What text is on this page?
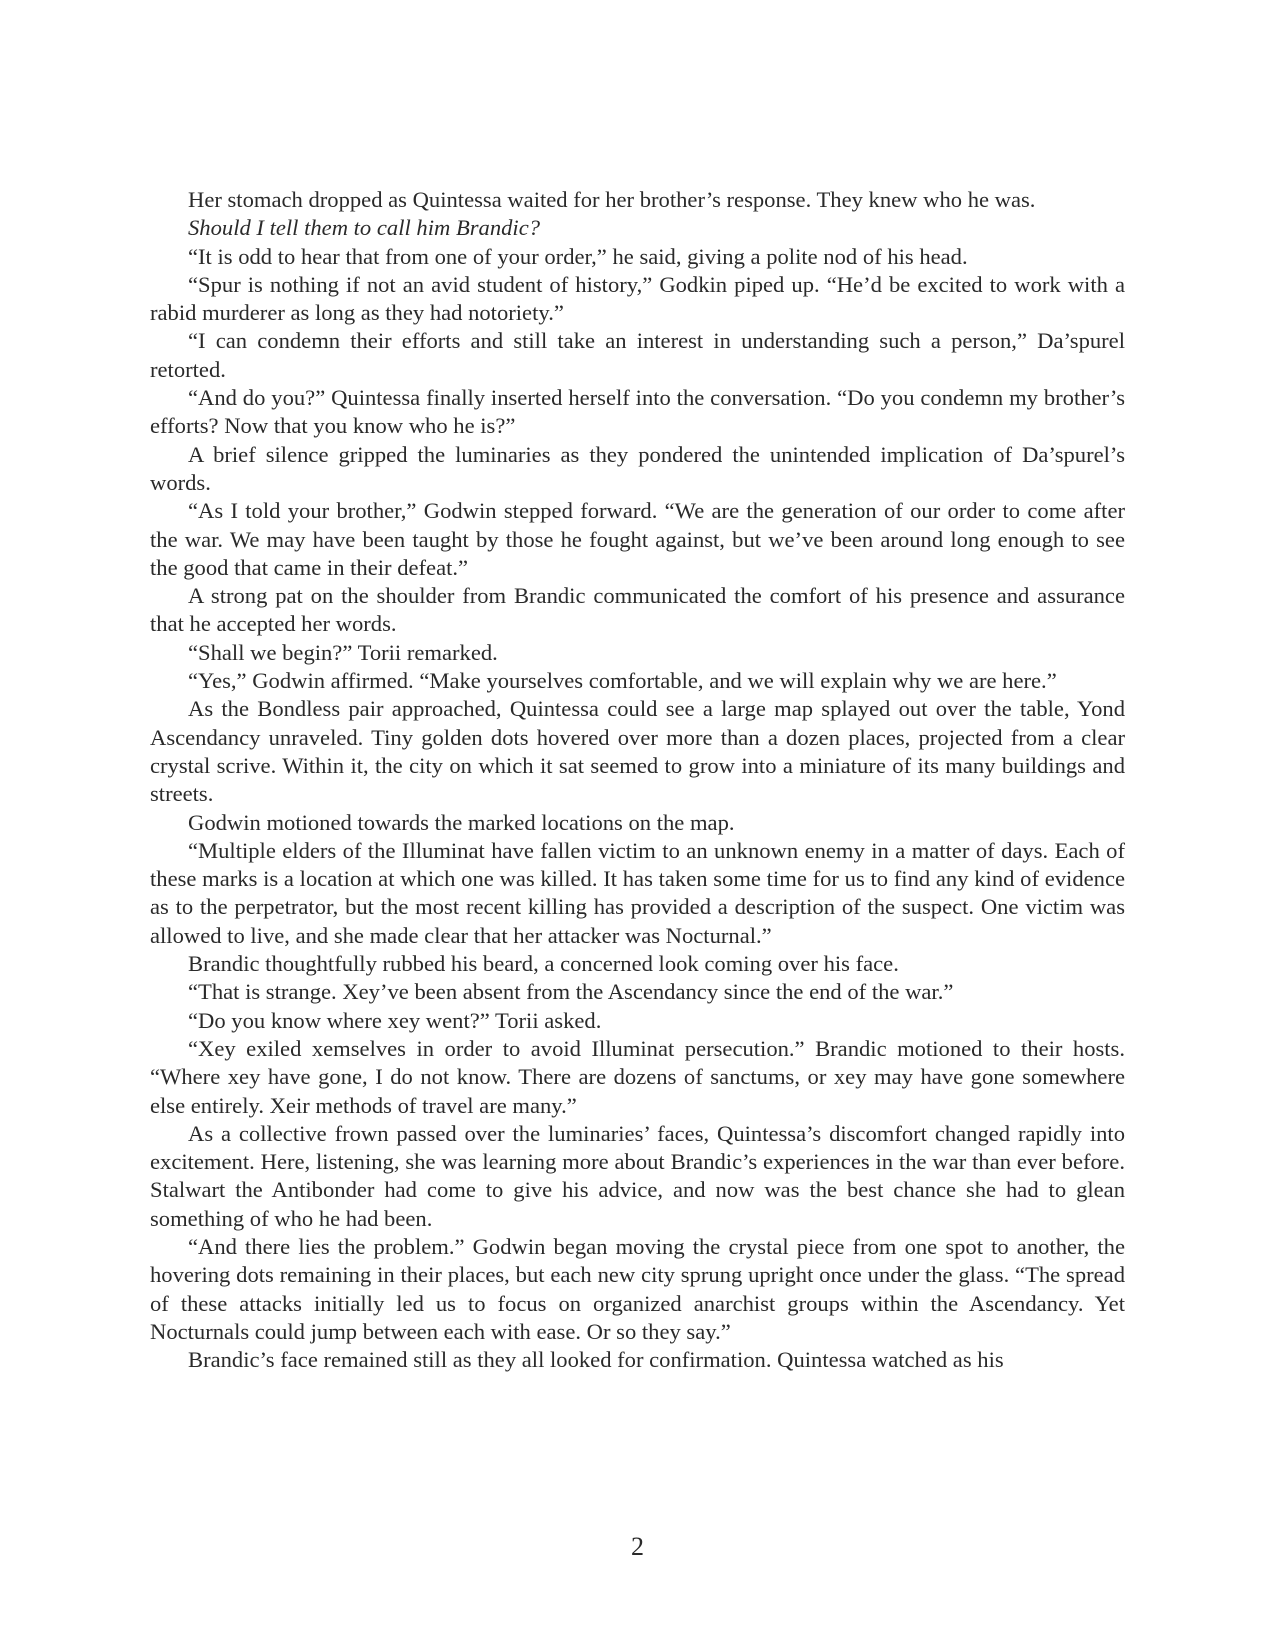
Her stomach dropped as Quintessa waited for her brother’s response. They knew who he was.

Should I tell them to call him Brandic?

“It is odd to hear that from one of your order,” he said, giving a polite nod of his head.

“Spur is nothing if not an avid student of history,” Godkin piped up. “He’d be excited to work with a rabid murderer as long as they had notoriety.”

“I can condemn their efforts and still take an interest in understanding such a person,” Da’spurel retorted.

“And do you?” Quintessa finally inserted herself into the conversation. “Do you condemn my brother’s efforts? Now that you know who he is?”

A brief silence gripped the luminaries as they pondered the unintended implication of Da’spurel’s words.

“As I told your brother,” Godwin stepped forward. “We are the generation of our order to come after the war. We may have been taught by those he fought against, but we’ve been around long enough to see the good that came in their defeat.”

A strong pat on the shoulder from Brandic communicated the comfort of his presence and assurance that he accepted her words.

“Shall we begin?” Torii remarked.

“Yes,” Godwin affirmed. “Make yourselves comfortable, and we will explain why we are here.”

As the Bondless pair approached, Quintessa could see a large map splayed out over the table, Yond Ascendancy unraveled. Tiny golden dots hovered over more than a dozen places, projected from a clear crystal scrive. Within it, the city on which it sat seemed to grow into a miniature of its many buildings and streets.

Godwin motioned towards the marked locations on the map.

“Multiple elders of the Illuminat have fallen victim to an unknown enemy in a matter of days. Each of these marks is a location at which one was killed. It has taken some time for us to find any kind of evidence as to the perpetrator, but the most recent killing has provided a description of the suspect. One victim was allowed to live, and she made clear that her attacker was Nocturnal.”

Brandic thoughtfully rubbed his beard, a concerned look coming over his face.

“That is strange. Xey’ve been absent from the Ascendancy since the end of the war.”

“Do you know where xey went?” Torii asked.

“Xey exiled xemselves in order to avoid Illuminat persecution.” Brandic motioned to their hosts. “Where xey have gone, I do not know. There are dozens of sanctums, or xey may have gone somewhere else entirely. Xeir methods of travel are many.”

As a collective frown passed over the luminaries’ faces, Quintessa’s discomfort changed rapidly into excitement. Here, listening, she was learning more about Brandic’s experiences in the war than ever before. Stalwart the Antibonder had come to give his advice, and now was the best chance she had to glean something of who he had been.

“And there lies the problem.” Godwin began moving the crystal piece from one spot to another, the hovering dots remaining in their places, but each new city sprung upright once under the glass. “The spread of these attacks initially led us to focus on organized anarchist groups within the Ascendancy. Yet Nocturnals could jump between each with ease. Or so they say.”

Brandic’s face remained still as they all looked for confirmation. Quintessa watched as his

2
